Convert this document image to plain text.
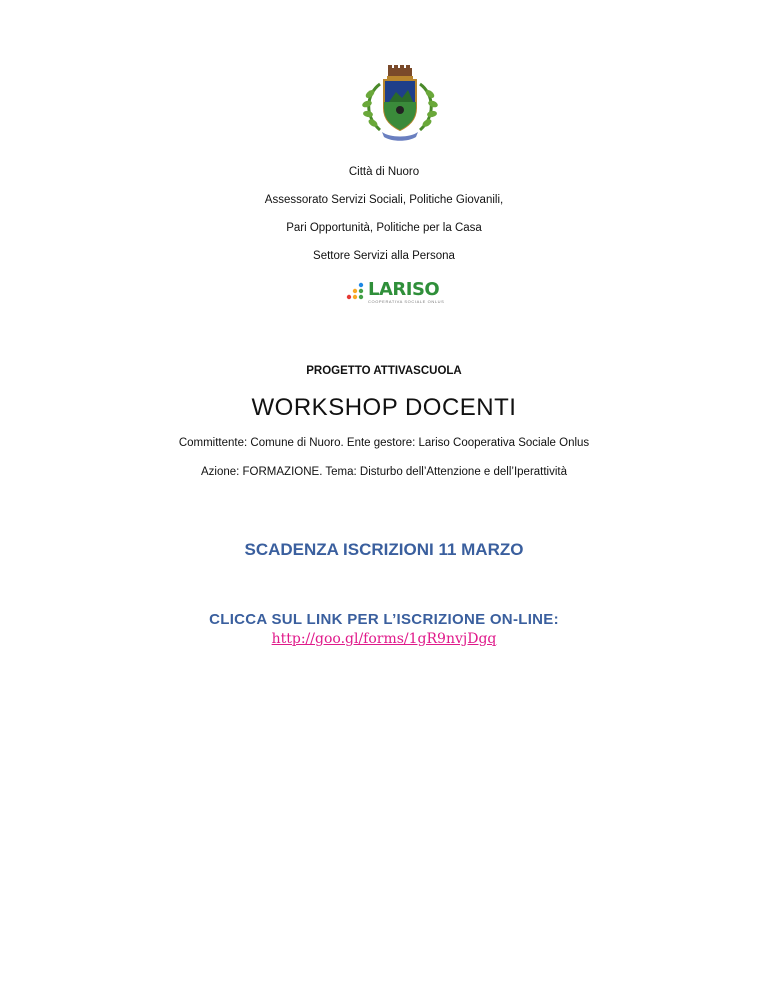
Città di Nuoro
Assessorato Servizi Sociali, Politiche Giovanili,
Pari Opportunità, Politiche per la Casa
Settore Servizi alla Persona
LARISO
COOPERATIVA SOCIALE ONLUS
PROGETTO ATTIVASCUOLA
WORKSHOP DOCENTI
Committente: Comune di Nuoro. Ente gestore: Lariso Cooperativa Sociale Onlus
Azione: FORMAZIONE. Tema: Disturbo dell’Attenzione e dell’Iperattività
SCADENZA ISCRIZIONI 11 MARZO
CLICCA SUL LINK PER L’ISCRIZIONE ON-LINE:
http://goo.gl/forms/1gR9nvjDgq
